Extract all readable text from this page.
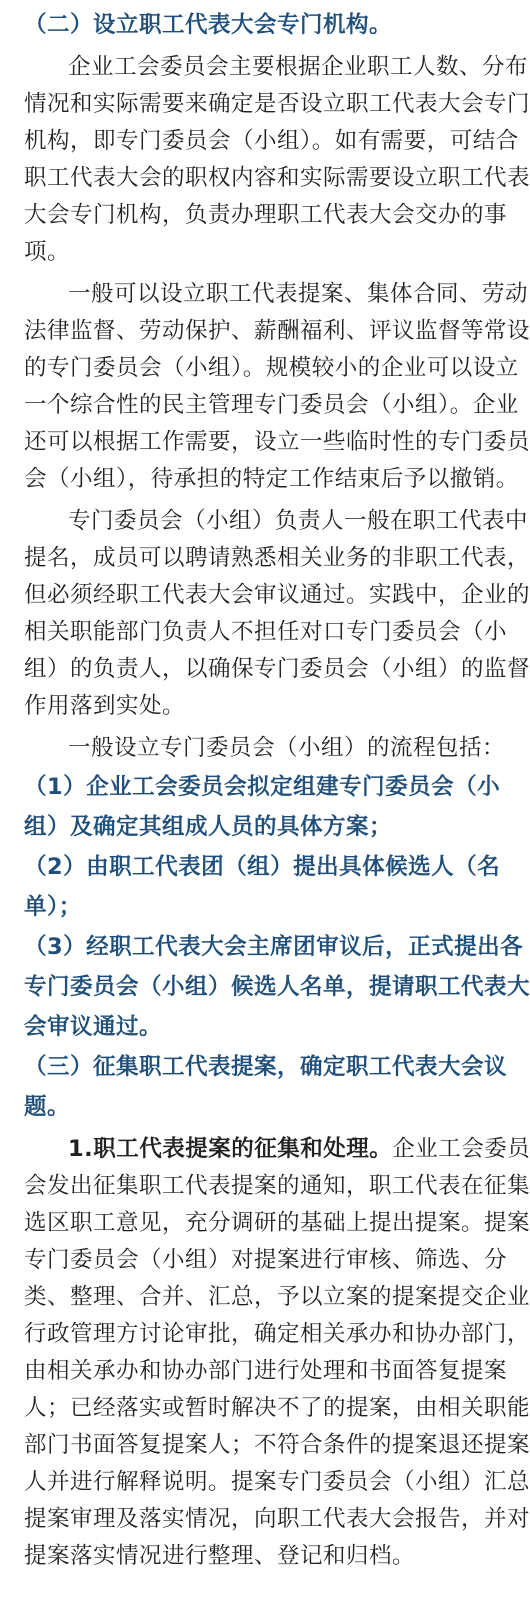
（二）设立职工代表大会专门机构。
企业工会委员会主要根据企业职工人数、分布
情况和实际需要来确定是否设立职工代表大会专门
机构，即专门委员会（小组）。如有需要，可结合
职工代表大会的职权内容和实际需要设立职工代表
大会专门机构，负责办理职工代表大会交办的事
项。
一般可以设立职工代表提案、集体合同、劳动
法律监督、劳动保护、薪酬福利、评议监督等常设
的专门委员会（小组）。规模较小的企业可以设立
一个综合性的民主管理专门委员会（小组）。企业
还可以根据工作需要，设立一些临时性的专门委员
会（小组），待承担的特定工作结束后予以撤销。
专门委员会（小组）负责人一般在职工代表中
提名，成员可以聘请熟悉相关业务的非职工代表，
但必须经职工代表大会审议通过。实践中，企业的
相关职能部门负责人不担任对口专门委员会（小
组）的负责人，以确保专门委员会（小组）的监督
作用落到实处。
一般设立专门委员会（小组）的流程包括：
（1）企业工会委员会拟定组建专门委员会（小
组）及确定其组成人员的具体方案；
（2）由职工代表团（组）提出具体候选人（名
单）；
（3）经职工代表大会主席团审议后，正式提出各
专门委员会（小组）候选人名单，提请职工代表大
会审议通过。
（三）征集职工代表提案，确定职工代表大会议
题。
1.职工代表提案的征集和处理。企业工会委员
会发出征集职工代表提案的通知，职工代表在征集
选区职工意见，充分调研的基础上提出提案。提案
专门委员会（小组）对提案进行审核、筛选、分
类、整理、合并、汇总，予以立案的提案提交企业
行政管理方讨论审批，确定相关承办和协办部门，
由相关承办和协办部门进行处理和书面答复提案
人；已经落实或暂时解决不了的提案，由相关职能
部门书面答复提案人；不符合条件的提案退还提案
人并进行解释说明。提案专门委员会（小组）汇总
提案审理及落实情况，向职工代表大会报告，并对
提案落实情况进行整理、登记和归档。
